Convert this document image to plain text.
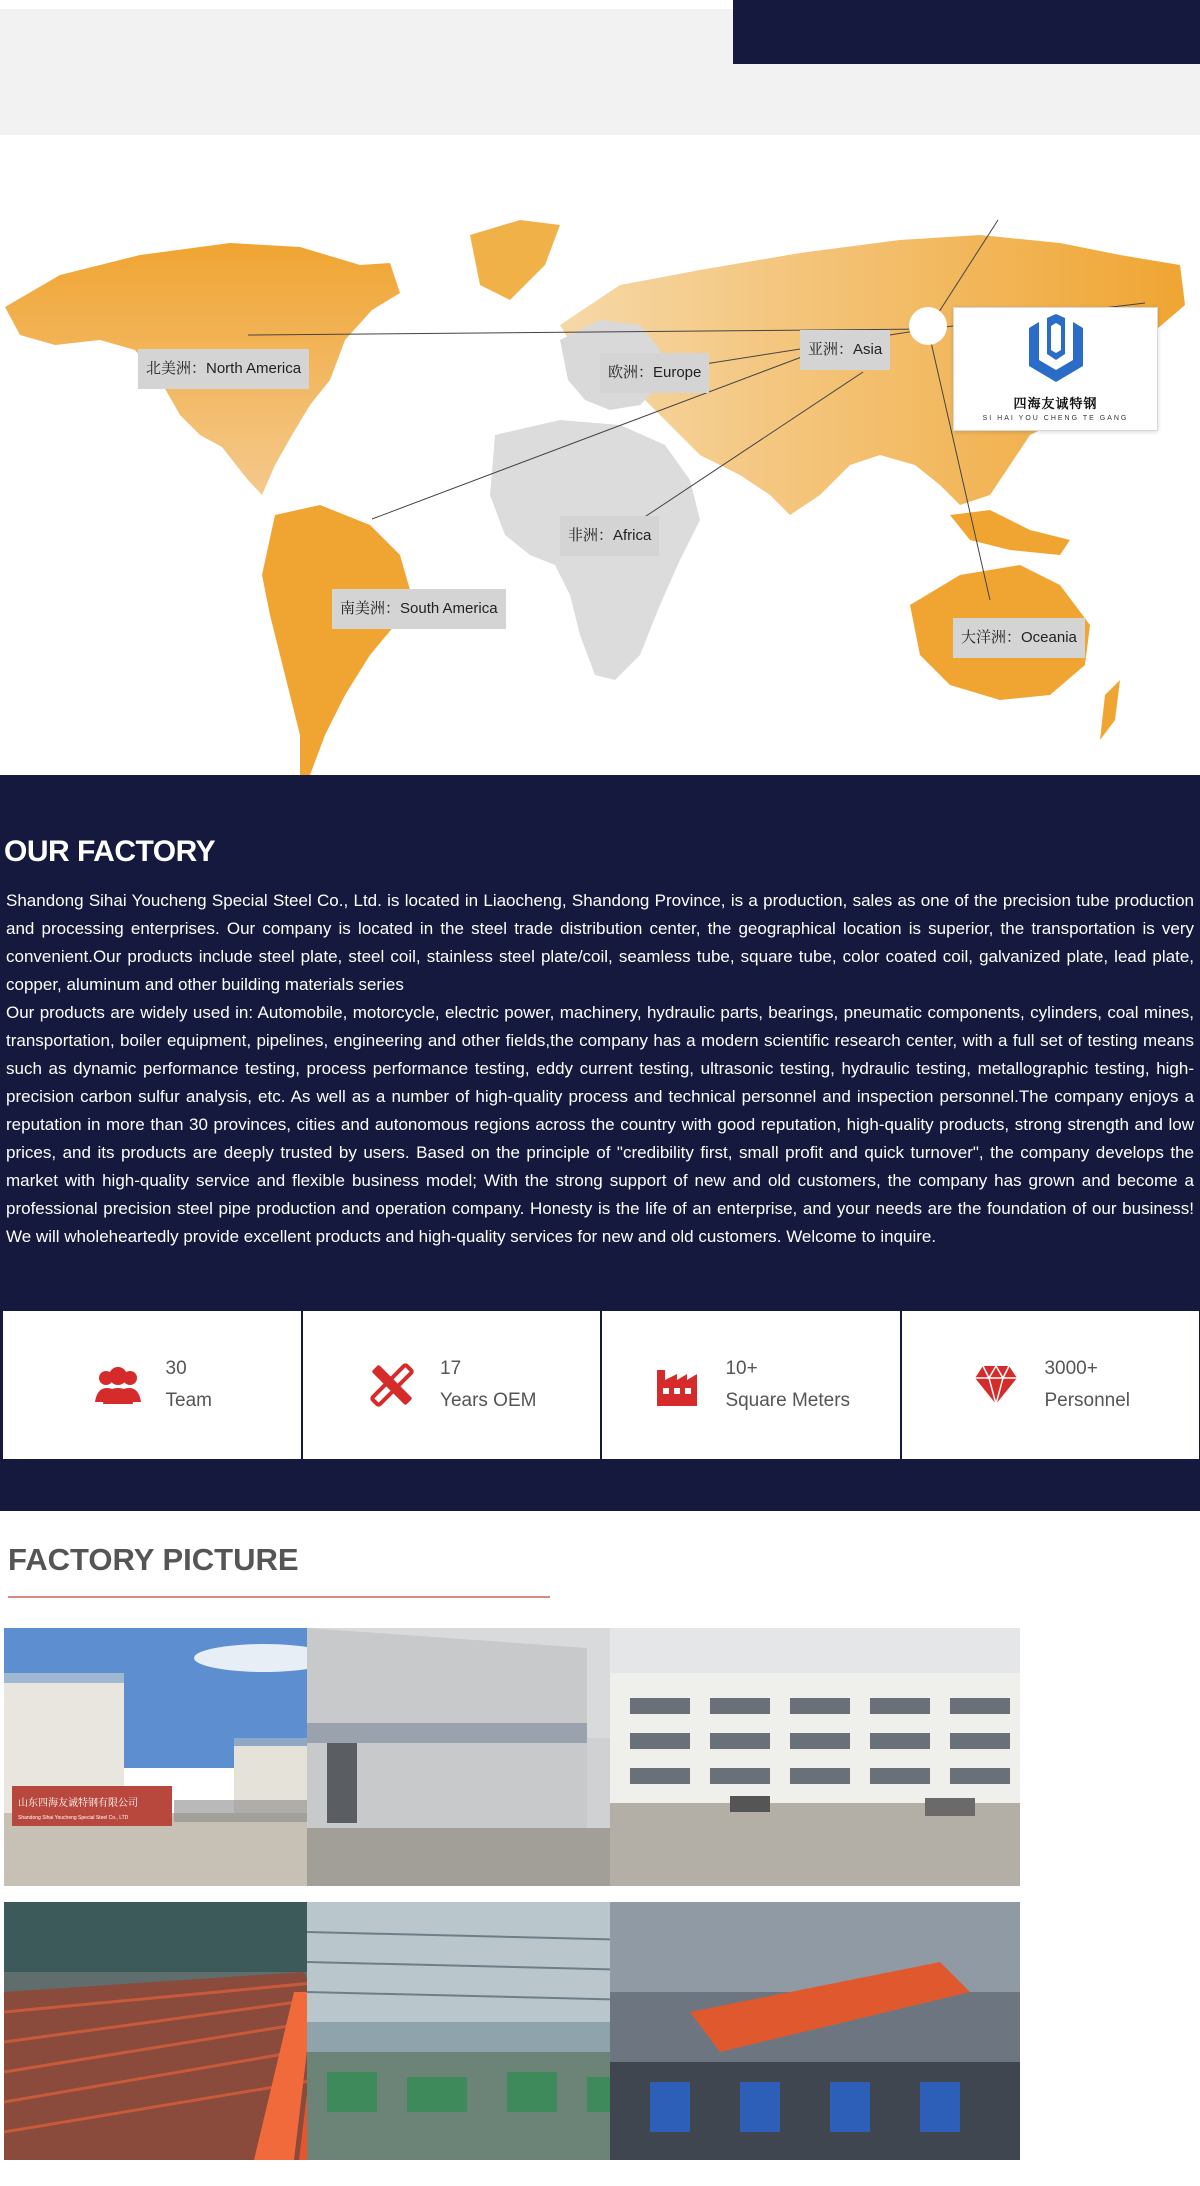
北美洲：North America	欧洲：Europe
亚洲：Asia
非洲：Africa
南美洲：South America
大洋洲：Oceania
四海友诚特钢
SI HAI YOU CHENG TE GANG
OUR FACTORY

Shandong Sihai Youcheng Special Steel Co., Ltd. is located in Liaocheng, Shandong Province, is a production, sales as one of the precision tube production and processing enterprises. Our company is located in the steel trade distribution center, the geographical location is superior, the transportation is very convenient.Our products include steel plate, steel coil, stainless steel plate/coil, seamless tube, square tube, color coated coil, galvanized plate, lead plate, copper, aluminum and other building materials series

Our products are widely used in: Automobile, motorcycle, electric power, machinery, hydraulic parts, bearings, pneumatic components, cylinders, coal mines, transportation, boiler equipment, pipelines, engineering and other fields,the company has a modern scientific research center, with a full set of testing means such as dynamic performance testing, process performance testing, eddy current testing, ultrasonic testing, hydraulic testing, metallographic testing, high-precision carbon sulfur analysis, etc. As well as a number of high-quality process and technical personnel and inspection personnel.The company enjoys a reputation in more than 30 provinces, cities and autonomous regions across the country with good reputation, high-quality products, strong strength and low prices, and its products are deeply trusted by users. Based on the principle of "credibility first, small profit and quick turnover", the company develops the market with high-quality service and flexible business model; With the strong support of new and old customers, the company has grown and become a professional precision steel pipe production and operation company. Honesty is the life of an enterprise, and your needs are the foundation of our business! We will wholeheartedly provide excellent products and high-quality services for new and old customers. Welcome to inquire.

30
Team
17
Years OEM
10+
Square Meters
3000+
Personnel
FACTORY PICTURE
山东四海友诚特钢有限公司
Shandong Sihai Youcheng Special Steel Co., LTD
